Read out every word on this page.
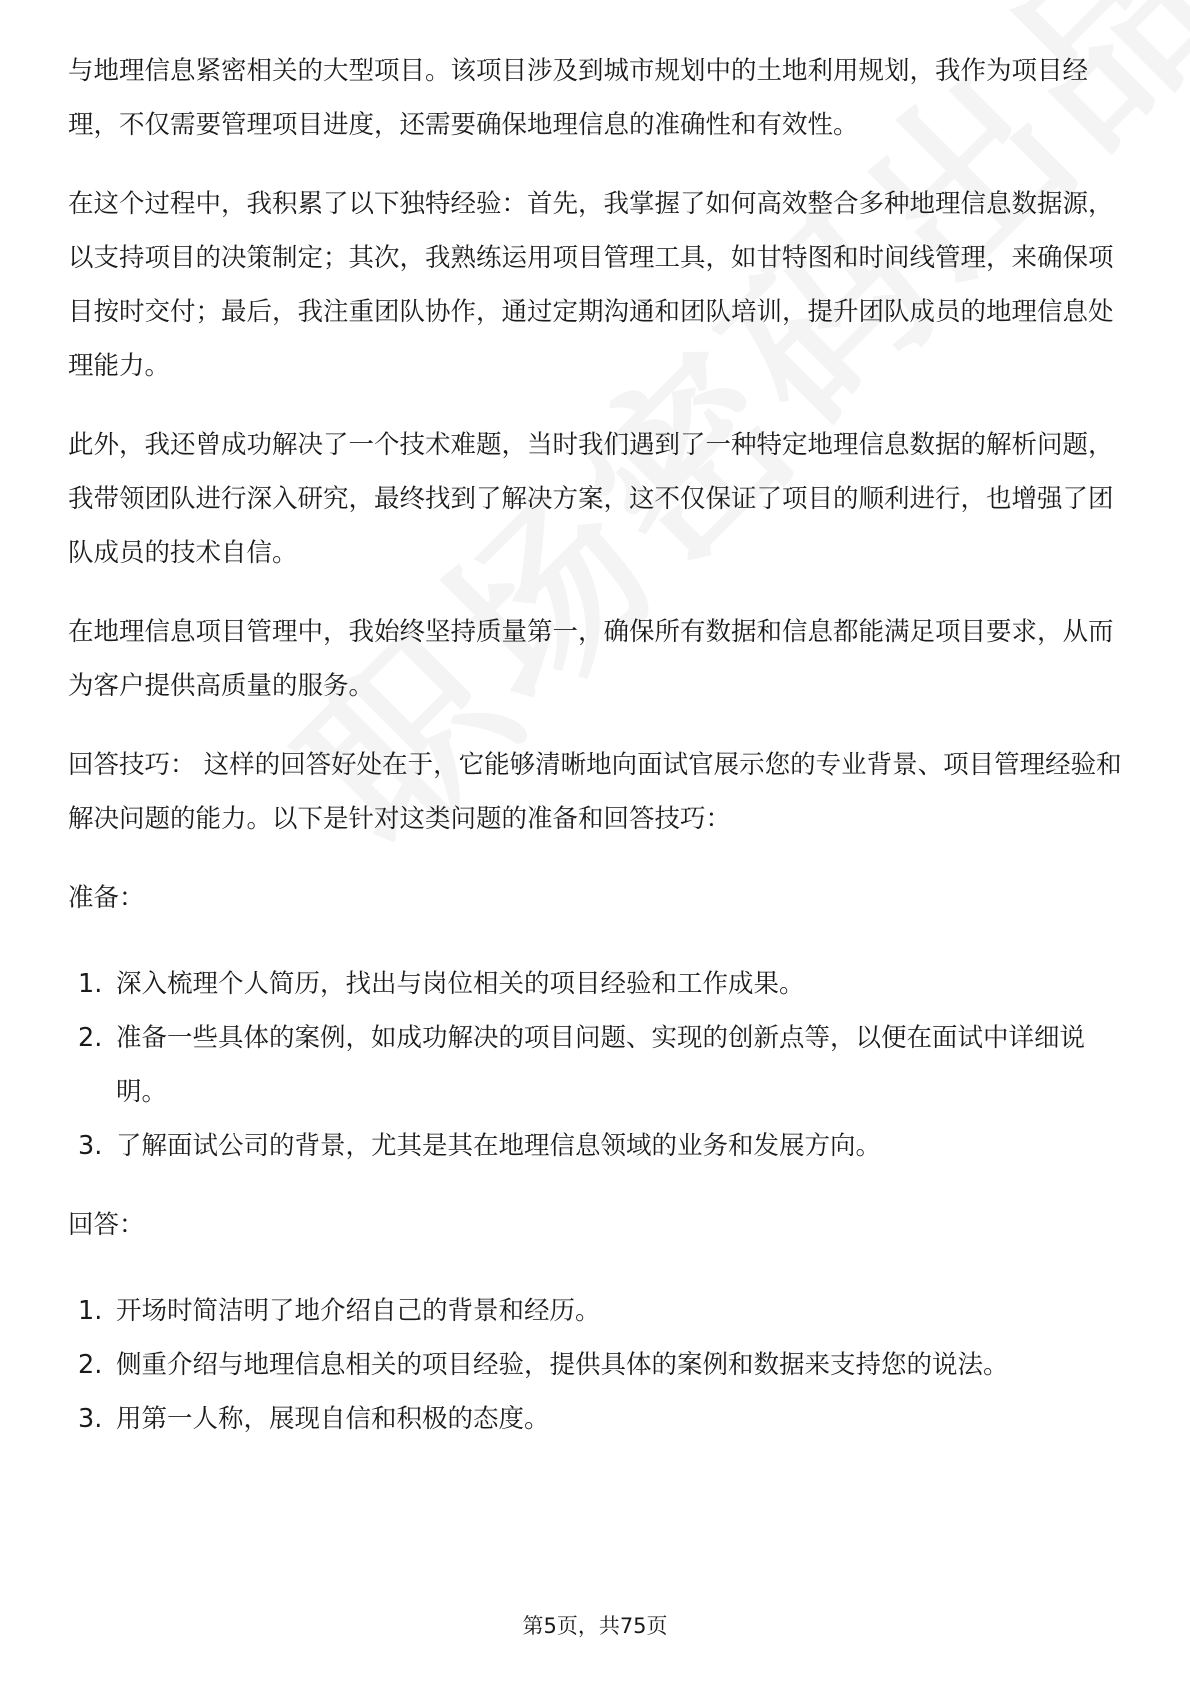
与地理信息紧密相关的大型项目。该项目涉及到城市规划中的土地利用规划，我作为项目经理，不仅需要管理项目进度，还需要确保地理信息的准确性和有效性。

在这个过程中，我积累了以下独特经验：首先，我掌握了如何高效整合多种地理信息数据源，以支持项目的决策制定；其次，我熟练运用项目管理工具，如甘特图和时间线管理，来确保项目按时交付；最后，我注重团队协作，通过定期沟通和团队培训，提升团队成员的地理信息处理能力。

此外，我还曾成功解决了一个技术难题，当时我们遇到了一种特定地理信息数据的解析问题，我带领团队进行深入研究，最终找到了解决方案，这不仅保证了项目的顺利进行，也增强了团队成员的技术自信。

在地理信息项目管理中，我始终坚持质量第一，确保所有数据和信息都能满足项目要求，从而为客户提供高质量的服务。

回答技巧： 这样的回答好处在于，它能够清晰地向面试官展示您的专业背景、项目管理经验和解决问题的能力。以下是针对这类问题的准备和回答技巧：

准备：

1. 深入梳理个人简历，找出与岗位相关的项目经验和工作成果。
2. 准备一些具体的案例，如成功解决的项目问题、实现的创新点等，以便在面试中详细说明。
3. 了解面试公司的背景，尤其是其在地理信息领域的业务和发展方向。

回答：

1. 开场时简洁明了地介绍自己的背景和经历。
2. 侧重介绍与地理信息相关的项目经验，提供具体的案例和数据来支持您的说法。
3. 用第一人称，展现自信和积极的态度。
第5页，共75页
